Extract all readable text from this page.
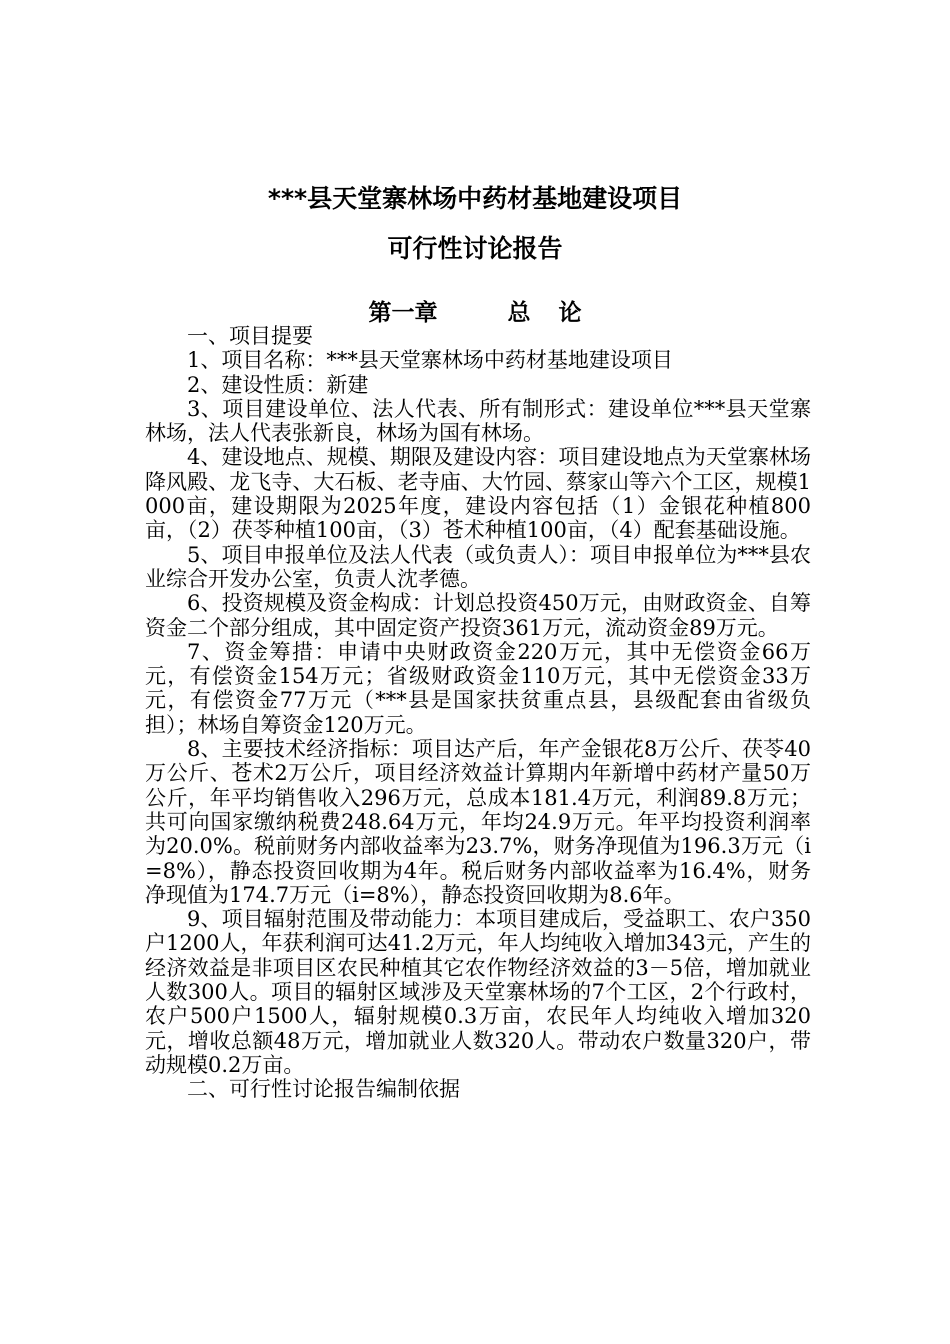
***县天堂寨林场中药材基地建设项目
可行性讨论报告
第一章	总 论

一、项目提要

1、项目名称：***县天堂寨林场中药材基地建设项目

2、建设性质：新建

3、项目建设单位、法人代表、所有制形式：建设单位***县天堂寨林场，法人代表张新良，林场为国有林场。

4、建设地点、规模、期限及建设内容：项目建设地点为天堂寨林场降风殿、龙飞寺、大石板、老寺庙、大竹园、蔡家山等六个工区，规模1000亩，建设期限为2025年度，建设内容包括（1）金银花种植800亩，（2）茯苓种植100亩，（3）苍术种植100亩，（4）配套基础设施。

5、项目申报单位及法人代表（或负责人）：项目申报单位为***县农业综合开发办公室，负责人沈孝德。

6、投资规模及资金构成：计划总投资450万元，由财政资金、自筹资金二个部分组成，其中固定资产投资361万元，流动资金89万元。

7、资金筹措：申请中央财政资金220万元，其中无偿资金66万元，有偿资金154万元；省级财政资金110万元，其中无偿资金33万元，有偿资金77万元（***县是国家扶贫重点县，县级配套由省级负担）；林场自筹资金120万元。

8、主要技术经济指标：项目达产后，年产金银花8万公斤、茯苓40万公斤、苍术2万公斤，项目经济效益计算期内年新增中药材产量50万公斤，年平均销售收入296万元，总成本181.4万元，利润89.8万元；共可向国家缴纳税费248.64万元，年均24.9万元。年平均投资利润率为20.0%。税前财务内部收益率为23.7%，财务净现值为196.3万元（i=8%），静态投资回收期为4年。税后财务内部收益率为16.4%，财务净现值为174.7万元（i=8%），静态投资回收期为8.6年。

9、项目辐射范围及带动能力：本项目建成后，受益职工、农户350户1200人，年获利润可达41.2万元，年人均纯收入增加343元，产生的经济效益是非项目区农民种植其它农作物经济效益的3－5倍，增加就业人数300人。项目的辐射区域涉及天堂寨林场的7个工区，2个行政村，农户500户1500人，辐射规模0.3万亩，农民年人均纯收入增加320元，增收总额48万元，增加就业人数320人。带动农户数量320户，带动规模0.2万亩。

二、可行性讨论报告编制依据
